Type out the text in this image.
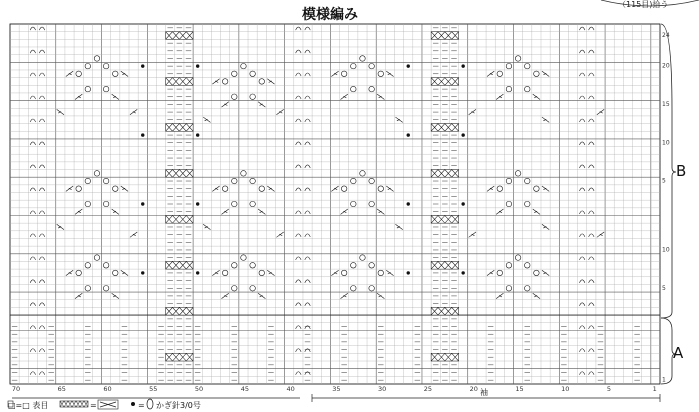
模様編み
（115目)拾う
24
20
15
10
5
10
5
1
70	65	60	55	50	45	40	35	30	25	20	15	10	5	1
B
A
袖
□=□ 表目	=	= かぎ針3/0号
